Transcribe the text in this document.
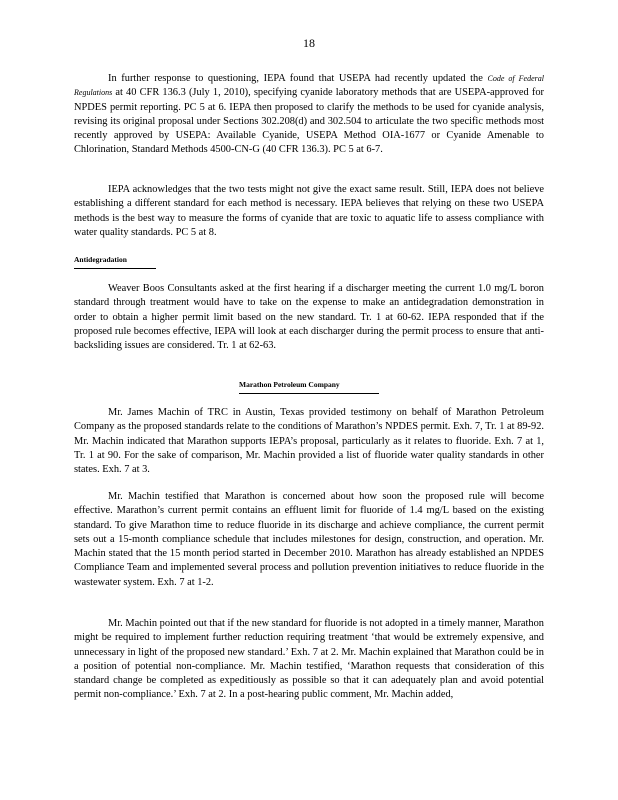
18

In further response to questioning, IEPA found that USEPA had recently updated the Code of Federal Regulations at 40 CFR 136.3 (July 1, 2010), specifying cyanide laboratory methods that are USEPA-approved for NPDES permit reporting. PC 5 at 6. IEPA then proposed to clarify the methods to be used for cyanide analysis, revising its original proposal under Sections 302.208(d) and 302.504 to articulate the two specific methods most recently approved by USEPA: Available Cyanide, USEPA Method OIA-1677 or Cyanide Amenable to Chlorination, Standard Methods 4500-CN-G (40 CFR 136.3). PC 5 at 6-7.

IEPA acknowledges that the two tests might not give the exact same result. Still, IEPA does not believe establishing a different standard for each method is necessary. IEPA believes that relying on these two USEPA methods is the best way to measure the forms of cyanide that are toxic to aquatic life to assess compliance with water quality standards. PC 5 at 8.

Antidegradation

Weaver Boos Consultants asked at the first hearing if a discharger meeting the current 1.0 mg/L boron standard through treatment would have to take on the expense to make an antidegradation demonstration in order to obtain a higher permit limit based on the new standard. Tr. 1 at 60-62. IEPA responded that if the proposed rule becomes effective, IEPA will look at each discharger during the permit process to ensure that anti-backsliding issues are considered. Tr. 1 at 62-63.

Marathon Petroleum Company

Mr. James Machin of TRC in Austin, Texas provided testimony on behalf of Marathon Petroleum Company as the proposed standards relate to the conditions of Marathon’s NPDES permit. Exh. 7, Tr. 1 at 89-92. Mr. Machin indicated that Marathon supports IEPA’s proposal, particularly as it relates to fluoride. Exh. 7 at 1, Tr. 1 at 90. For the sake of comparison, Mr. Machin provided a list of fluoride water quality standards in other states. Exh. 7 at 3.

Mr. Machin testified that Marathon is concerned about how soon the proposed rule will become effective. Marathon’s current permit contains an effluent limit for fluoride of 1.4 mg/L based on the existing standard. To give Marathon time to reduce fluoride in its discharge and achieve compliance, the current permit sets out a 15-month compliance schedule that includes milestones for design, construction, and operation. Mr. Machin stated that the 15 month period started in December 2010. Marathon has already established an NPDES Compliance Team and implemented several process and pollution prevention initiatives to reduce fluoride in the wastewater system. Exh. 7 at 1-2.

Mr. Machin pointed out that if the new standard for fluoride is not adopted in a timely manner, Marathon might be required to implement further reduction requiring treatment ‘that would be extremely expensive, and unnecessary in light of the proposed new standard.’ Exh. 7 at 2. Mr. Machin explained that Marathon could be in a position of potential non-compliance. Mr. Machin testified, ‘Marathon requests that consideration of this standard change be completed as expeditiously as possible so that it can adequately plan and avoid potential permit non-compliance.’ Exh. 7 at 2. In a post-hearing public comment, Mr. Machin added,
